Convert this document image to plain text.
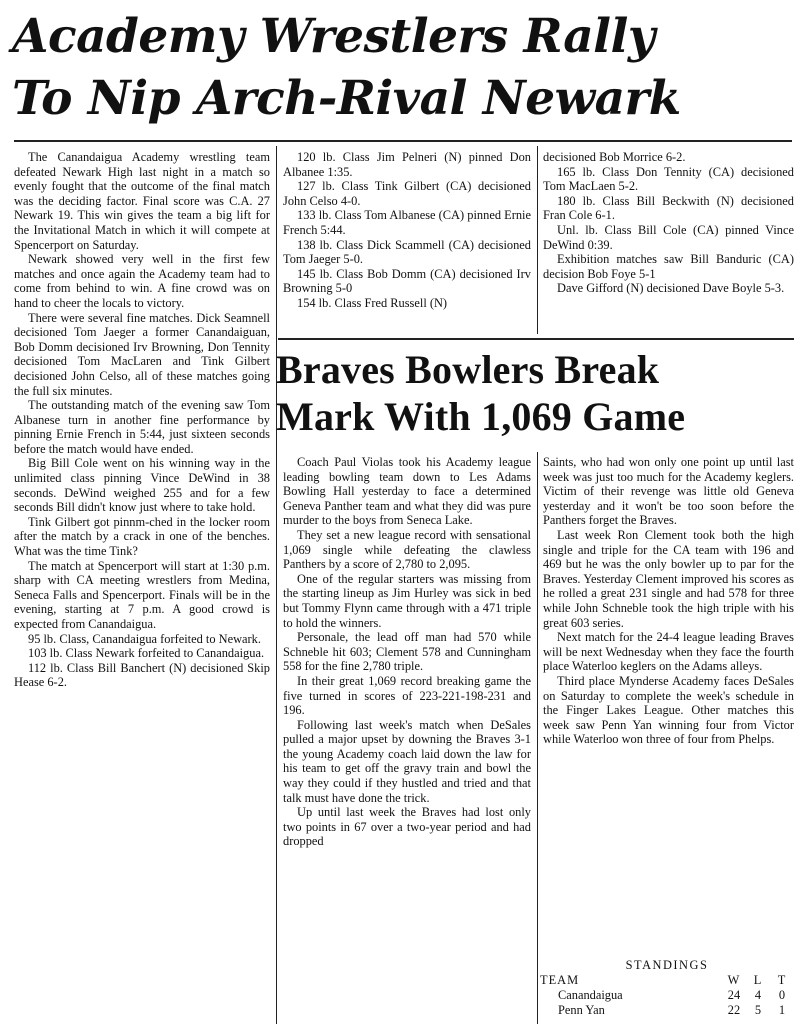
Academy Wrestlers Rally
To Nip Arch-Rival Newark

The Canandaigua Academy wrestling team defeated Newark High last night in a match so evenly fought that the outcome of the final match was the deciding factor. Final score was C.A. 27 Newark 19. This win gives the team a big lift for the Invitational Match in which it will compete at Spencerport on Saturday.

Newark showed very well in the first few matches and once again the Academy team had to come from behind to win. A fine crowd was on hand to cheer the locals to victory.

There were several fine matches. Dick Seamnell decisioned Tom Jaeger a former Canandaiguan, Bob Domm decisioned Irv Browning, Don Tennity decisioned Tom MacLaren and Tink Gilbert decisioned John Celso, all of these matches going the full six minutes.

The outstanding match of the evening saw Tom Albanese turn in another fine performance by pinning Ernie French in 5:44, just sixteen seconds before the match would have ended.

Big Bill Cole went on his winning way in the unlimited class pinning Vince DeWind in 38 seconds. DeWind weighed 255 and for a few seconds Bill didn't know just where to take hold.

Tink Gilbert got pinnm-ched in the locker room after the match by a crack in one of the benches. What was the time Tink?

The match at Spencerport will start at 1:30 p.m. sharp with CA meeting wrestlers from Medina, Seneca Falls and Spencerport. Finals will be in the evening, starting at 7 p.m. A good crowd is expected from Canandaigua.

95 lb. Class, Canandaigua forfeited to Newark.

103 lb. Class Newark forfeited to Canandaigua.

112 lb. Class Bill Banchert (N) decisioned Skip Hease 6-2.

120 lb. Class Jim Pelneri (N) pinned Don Albanee 1:35.

127 lb. Class Tink Gilbert (CA) decisioned John Celso 4-0.

133 lb. Class Tom Albanese (CA) pinned Ernie French 5:44.

138 lb. Class Dick Scammell (CA) decisioned Tom Jaeger 5-0.

145 lb. Class Bob Domm (CA) decisioned Irv Browning 5-0

154 lb. Class Fred Russell (N)

decisioned Bob Morrice 6-2.

165 lb. Class Don Tennity (CA) decisioned Tom MacLaen 5-2.

180 lb. Class Bill Beckwith (N) decisioned Fran Cole 6-1.

Unl. lb. Class Bill Cole (CA) pinned Vince DeWind 0:39.

Exhibition matches saw Bill Banduric (CA) decision Bob Foye 5-1

Dave Gifford (N) decisioned Dave Boyle 5-3.

Braves Bowlers Break
Mark With 1,069 Game

Coach Paul Violas took his Academy league leading bowling team down to Les Adams Bowling Hall yesterday to face a determined Geneva Panther team and what they did was pure murder to the boys from Seneca Lake.

They set a new league record with sensational 1,069 single while defeating the clawless Panthers by a score of 2,780 to 2,095.

One of the regular starters was missing from the starting lineup as Jim Hurley was sick in bed but Tommy Flynn came through with a 471 triple to hold the winners.

Personale, the lead off man had 570 while Schneble hit 603; Clement 578 and Cunningham 558 for the fine 2,780 triple.

In their great 1,069 record breaking game the five turned in scores of 223-221-198-231 and 196.

Following last week's match when DeSales pulled a major upset by downing the Braves 3-1 the young Academy coach laid down the law for his team to get off the gravy train and bowl the way they could if they hustled and tried and that talk must have done the trick.

Up until last week the Braves had lost only two points in 67 over a two-year period and had dropped

Saints, who had won only one point up until last week was just too much for the Academy keglers. Victim of their revenge was little old Geneva yesterday and it won't be too soon before the Panthers forget the Braves.

Last week Ron Clement took both the high single and triple for the CA team with 196 and 469 but he was the only bowler up to par for the Braves. Yesterday Clement improved his scores as he rolled a great 231 single and had 578 for three while John Schneble took the high triple with his great 603 series.

Next match for the 24-4 league leading Braves will be next Wednesday when they face the fourth place Waterloo keglers on the Adams alleys.

Third place Mynderse Academy faces DeSales on Saturday to complete the week's schedule in the Finger Lakes League. Other matches this week saw Penn Yan winning four from Victor while Waterloo won three of four from Phelps.

STANDINGS
TEAM	W	L	T
Canandaigua	24	4	0
Penn Yan	22	5	1
